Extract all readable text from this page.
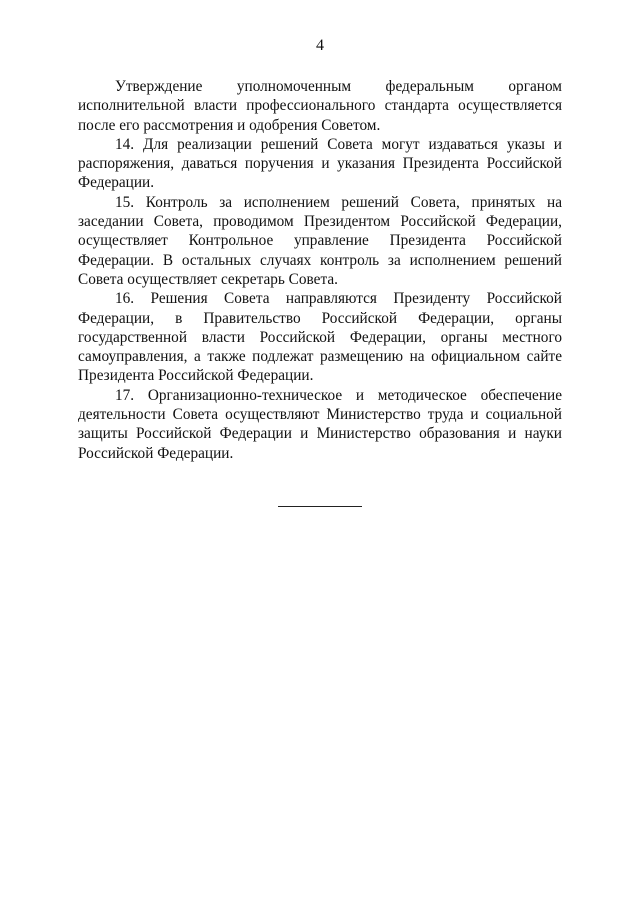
4

Утверждение уполномоченным федеральным органом исполнительной власти профессионального стандарта осуществляется после его рассмотрения и одобрения Советом.

14. Для реализации решений Совета могут издаваться указы и распоряжения, даваться поручения и указания Президента Российской Федерации.

15. Контроль за исполнением решений Совета, принятых на заседании Совета, проводимом Президентом Российской Федерации, осуществляет Контрольное управление Президента Российской Федерации. В остальных случаях контроль за исполнением решений Совета осуществляет секретарь Совета.

16. Решения Совета направляются Президенту Российской Федерации, в Правительство Российской Федерации, органы государственной власти Российской Федерации, органы местного самоуправления, а также подлежат размещению на официальном сайте Президента Российской Федерации.

17. Организационно-техническое и методическое обеспечение деятельности Совета осуществляют Министерство труда и социальной защиты Российской Федерации и Министерство образования и науки Российской Федерации.
